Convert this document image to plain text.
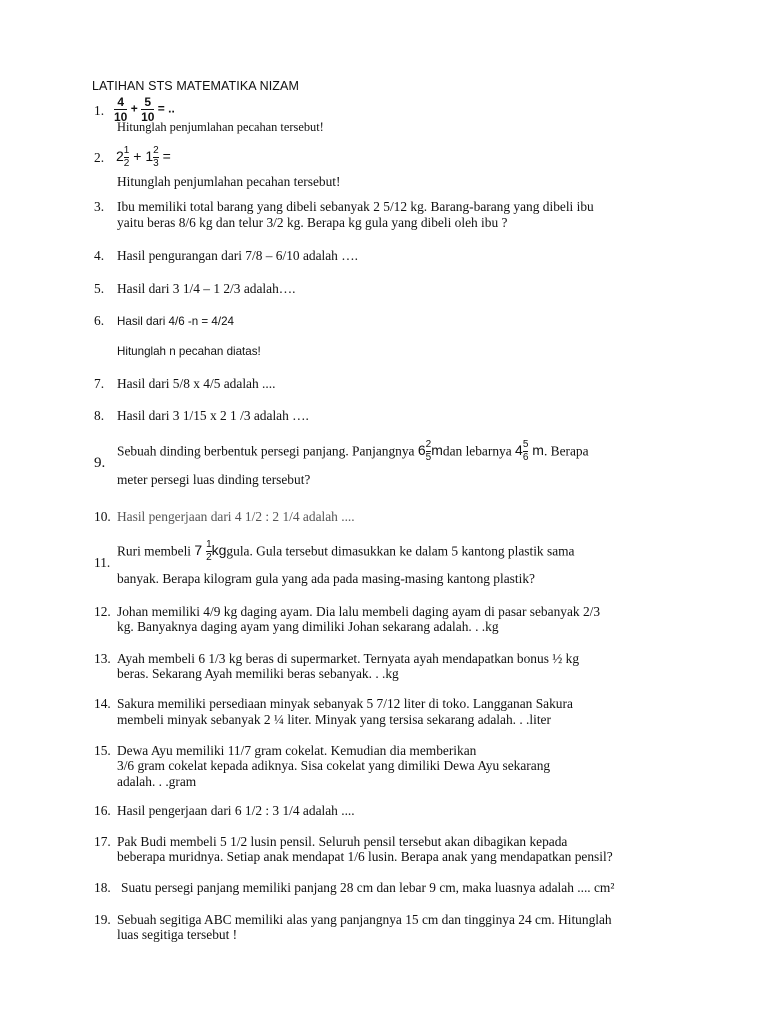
LATIHAN STS MATEMATIKA NIZAM
1. $\frac{4}{10} + \frac{5}{10}$ = ..
Hitunglah penjumlahan pecahan tersebut!
2. $2 \frac{1}{2} + 1 \frac{2}{3}$ =
Hitunglah penjumlahan pecahan tersebut!
3. Ibu memiliki total barang yang dibeli sebanyak 2 5/12 kg. Barang-barang yang dibeli ibu
yaitu beras 8/6 kg dan telur 3/2 kg. Berapa kg gula yang dibeli oleh ibu ?
4. Hasil pengurangan dari 7/8 – 6/10 adalah ….
5. Hasil dari 3 1/4 – 1 2/3 adalah….
6. Hasil dari 4/6 -n = 4/24
Hitunglah n pecahan diatas!
7. Hasil dari 5/8 x 4/5 adalah ....
8. Hasil dari 3 1/15 x 2 1 /3 adalah ….
9.
Sebuah dinding berbentuk persegi panjang. Panjangnya $6 \frac{2}{5}$ mdan lebarnya $4 \frac{5}{6} m$. Berapa
meter persegi luas dinding tersebut?
10. Hasil pengerjaan dari 4 1/2 : 2 1/4 adalah ....
11.
Ruri membeli $7 \frac{1}{2}$ kggula. Gula tersebut dimasukkan ke dalam 5 kantong plastik sama
banyak. Berapa kilogram gula yang ada pada masing-masing kantong plastik?
12. Johan memiliki 4/9 kg daging ayam. Dia lalu membeli daging ayam di pasar sebanyak 2/3
kg. Banyaknya daging ayam yang dimiliki Johan sekarang adalah. . .kg
13. Ayah membeli 6 1/3 kg beras di supermarket. Ternyata ayah mendapatkan bonus ½ kg
beras. Sekarang Ayah memiliki beras sebanyak. . .kg
14. Sakura memiliki persediaan minyak sebanyak 5 7/12 liter di toko. Langganan Sakura
membeli minyak sebanyak 2 ¼ liter. Minyak yang tersisa sekarang adalah. . .liter
15. Dewa Ayu memiliki 11/7 gram cokelat. Kemudian dia memberikan
3/6 gram cokelat kepada adiknya. Sisa cokelat yang dimiliki Dewa Ayu sekarang
adalah. . .gram
16. Hasil pengerjaan dari 6 1/2 : 3 1/4 adalah ....
17. Pak Budi membeli 5 1/2 lusin pensil. Seluruh pensil tersebut akan dibagikan kepada
beberapa muridnya. Setiap anak mendapat 1/6 lusin. Berapa anak yang mendapatkan pensil?
18. Suatu persegi panjang memiliki panjang 28 cm dan lebar 9 cm, maka luasnya adalah .... cm²
19. Sebuah segitiga ABC memiliki alas yang panjangnya 15 cm dan tingginya 24 cm. Hitunglah
luas segitiga tersebut !
